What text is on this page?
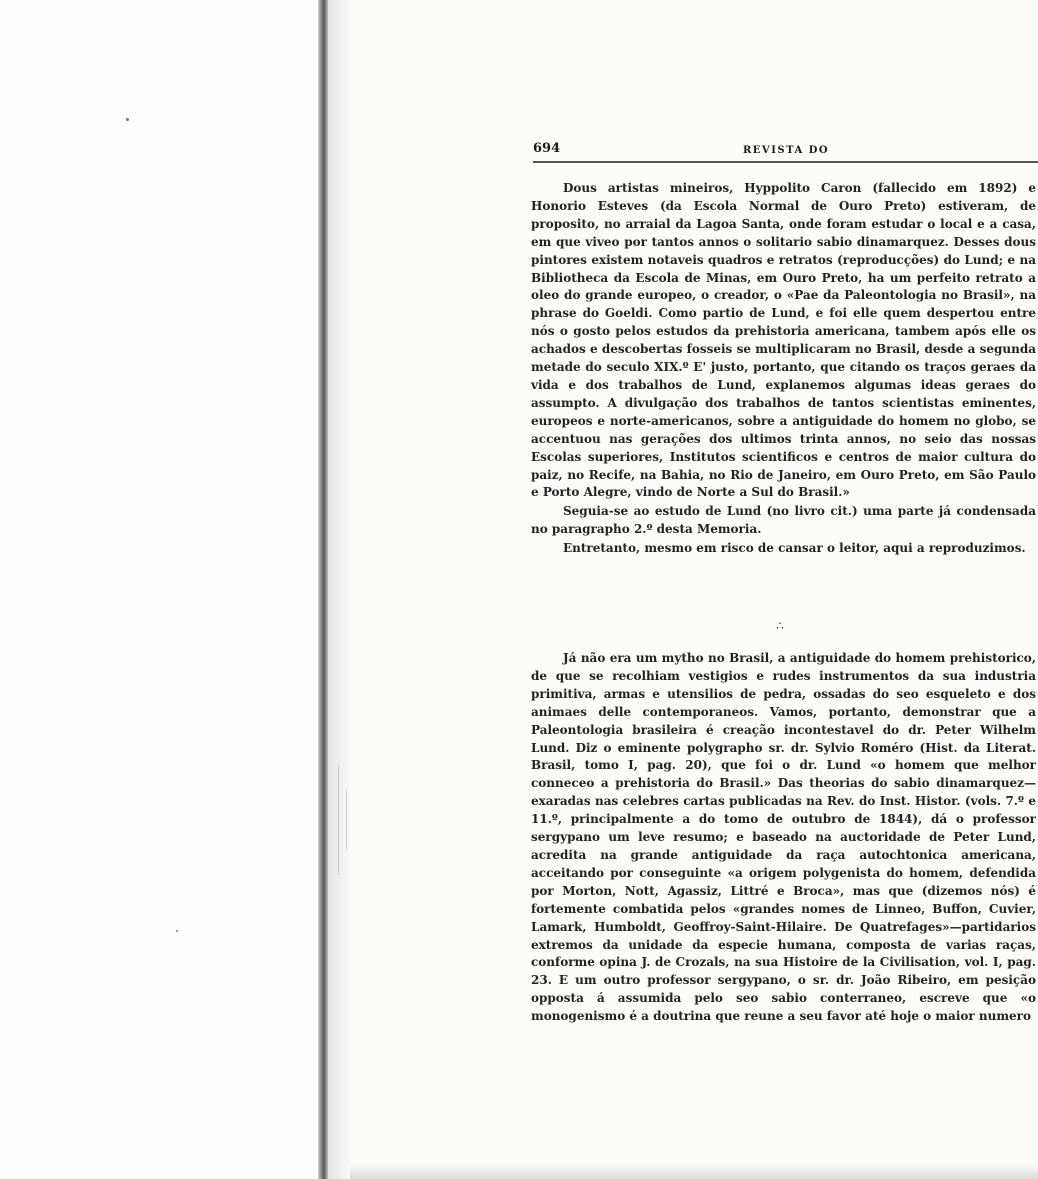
694	REVISTA DO

Dous artistas mineiros, Hyppolito Caron (fallecido em 1892) e Honorio Esteves (da Escola Normal de Ouro Preto) estiveram, de proposito, no arraial da Lagoa Santa, onde foram estudar o local e a casa, em que viveo por tantos annos o solitario sabio dinamarquez. Desses dous pintores existem notaveis quadros e retratos (reproducções) do Lund; e na Bibliotheca da Escola de Minas, em Ouro Preto, ha um perfeito retrato a oleo do grande europeo, o creador, o «Pae da Paleontologia no Brasil», na phrase do Goeldi. Como partio de Lund, e foi elle quem despertou entre nós o gosto pelos estudos da prehistoria americana, tambem após elle os achados e descobertas fosseis se multiplicaram no Brasil, desde a segunda metade do seculo XIX.º E' justo, portanto, que citando os traços geraes da vida e dos trabalhos de Lund, explanemos algumas ideas geraes do assumpto. A divulgação dos trabalhos de tantos scientistas eminentes, europeos e norte-americanos, sobre a antiguidade do homem no globo, se accentuou nas gerações dos ultimos trinta annos, no seio das nossas Escolas superiores, Institutos scientificos e centros de maior cultura do paiz, no Recife, na Bahia, no Rio de Janeiro, em Ouro Preto, em São Paulo e Porto Alegre, vindo de Norte a Sul do Brasil.»

Seguia-se ao estudo de Lund (no livro cit.) uma parte já condensada no paragrapho 2.º desta Memoria.

Entretanto, mesmo em risco de cansar o leitor, aqui a reproduzimos.

∴

Já não era um mytho no Brasil, a antiguidade do homem prehistorico, de que se recolhiam vestigios e rudes instrumentos da sua industria primitiva, armas e utensilios de pedra, ossadas do seo esqueleto e dos animaes delle contemporaneos. Vamos, portanto, demonstrar que a Paleontologia brasileira é creação incontestavel do dr. Peter Wilhelm Lund. Diz o eminente polygrapho sr. dr. Sylvio Roméro (Hist. da Literat. Brasil, tomo I, pag. 20), que foi o dr. Lund «o homem que melhor conneceo a prehistoria do Brasil.» Das theorias do sabio dinamarquez—exaradas nas celebres cartas publicadas na Rev. do Inst. Histor. (vols. 7.º e 11.º, principalmente a do tomo de outubro de 1844), dá o professor sergypano um leve resumo; e baseado na auctoridade de Peter Lund, acredita na grande antiguidade da raça autochtonica americana, acceitando por conseguinte «a origem polygenista do homem, defendida por Morton, Nott, Agassiz, Littré e Broca», mas que (dizemos nós) é fortemente combatida pelos «grandes nomes de Linneo, Buffon, Cuvier, Lamark, Humboldt, Geoffroy-Saint-Hilaire. De Quatrefages»—partidarios extremos da unidade da especie humana, composta de varias raças, conforme opina J. de Crozals, na sua Histoire de la Civilisation, vol. I, pag. 23. E um outro professor sergypano, o sr. dr. João Ribeiro, em pesição opposta á assumida pelo seo sabio conterraneo, escreve que «o monogenismo é a doutrina que reune a seu favor até hoje o maior numero
